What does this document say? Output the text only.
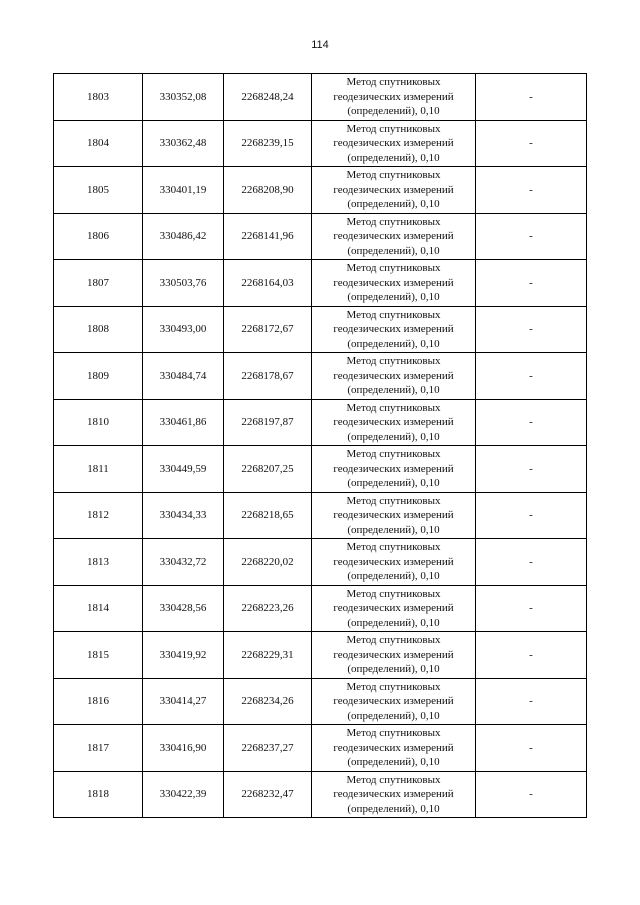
114
1803	330352,08	2268248,24	Метод спутниковых
геодезических измерений
(определений), 0,10	-
1804	330362,48	2268239,15	Метод спутниковых
геодезических измерений
(определений), 0,10	-
1805	330401,19	2268208,90	Метод спутниковых
геодезических измерений
(определений), 0,10	-
1806	330486,42	2268141,96	Метод спутниковых
геодезических измерений
(определений), 0,10	-
1807	330503,76	2268164,03	Метод спутниковых
геодезических измерений
(определений), 0,10	-
1808	330493,00	2268172,67	Метод спутниковых
геодезических измерений
(определений), 0,10	-
1809	330484,74	2268178,67	Метод спутниковых
геодезических измерений
(определений), 0,10	-
1810	330461,86	2268197,87	Метод спутниковых
геодезических измерений
(определений), 0,10	-
1811	330449,59	2268207,25	Метод спутниковых
геодезических измерений
(определений), 0,10	-
1812	330434,33	2268218,65	Метод спутниковых
геодезических измерений
(определений), 0,10	-
1813	330432,72	2268220,02	Метод спутниковых
геодезических измерений
(определений), 0,10	-
1814	330428,56	2268223,26	Метод спутниковых
геодезических измерений
(определений), 0,10	-
1815	330419,92	2268229,31	Метод спутниковых
геодезических измерений
(определений), 0,10	-
1816	330414,27	2268234,26	Метод спутниковых
геодезических измерений
(определений), 0,10	-
1817	330416,90	2268237,27	Метод спутниковых
геодезических измерений
(определений), 0,10	-
1818	330422,39	2268232,47	Метод спутниковых
геодезических измерений
(определений), 0,10	-
